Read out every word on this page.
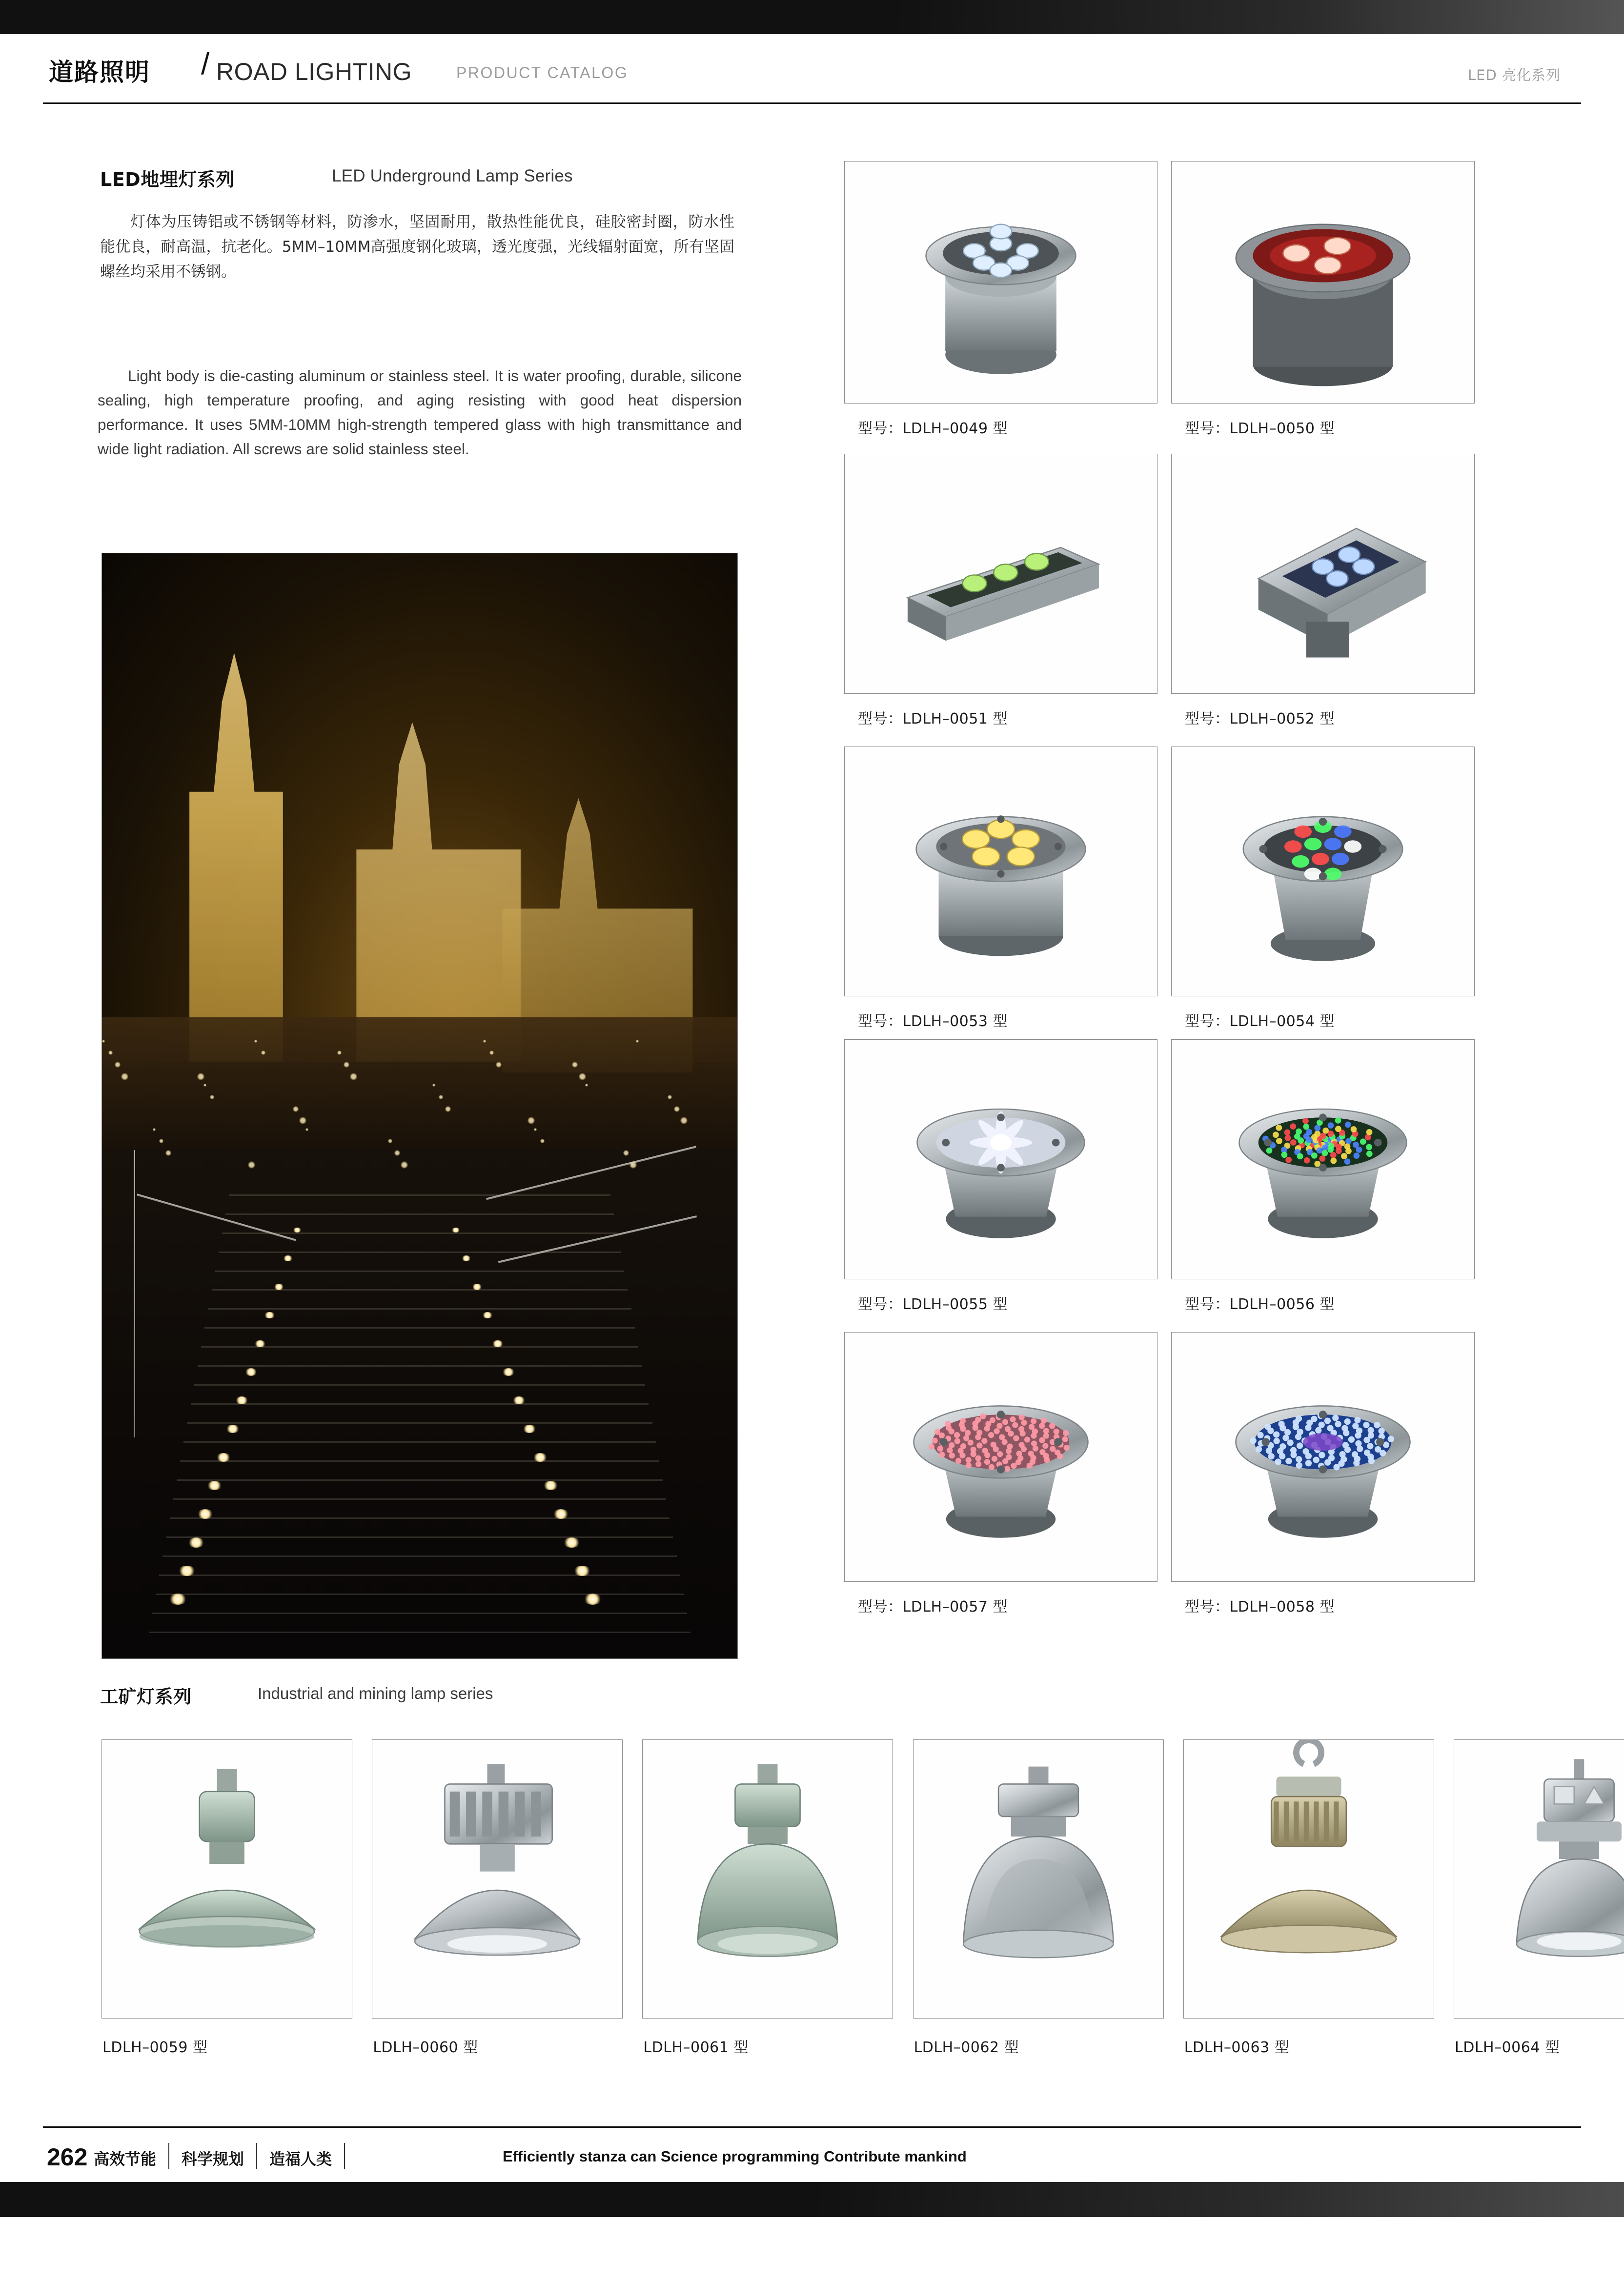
道路照明 / ROAD LIGHTING	PRODUCT CATALOG	LED 亮化系列
LED地埋灯系列	LED Underground Lamp Series
灯体为压铸铝或不锈钢等材料，防渗水，坚固耐用，散热性能优良，硅胶密封圈，防水性能优良，耐高温，抗老化。5MM–10MM高强度钢化玻璃，透光度强，光线辐射面宽，所有坚固螺丝均采用不锈钢。
Light body is die-casting aluminum or stainless steel. It is water proofing, durable, silicone sealing, high temperature proofing, and aging resisting with good heat dispersion performance. It uses 5MM-10MM high-strength tempered glass with high transmittance and wide light radiation. All screws are solid stainless steel.
型号：LDLH–0049 型	型号：LDLH–0050 型
型号：LDLH–0051 型	型号：LDLH–0052 型
型号：LDLH–0053 型	型号：LDLH–0054 型
型号：LDLH–0055 型	型号：LDLH–0056 型
型号：LDLH–0057 型	型号：LDLH–0058 型
工矿灯系列	Industrial and mining lamp series
LDLH–0059 型	LDLH–0060 型	LDLH–0061 型	LDLH–0062 型	LDLH–0063 型	LDLH–0064 型
262 高效节能 科学规划 造福人类	Efficiently stanza can Science programming Contribute mankind
